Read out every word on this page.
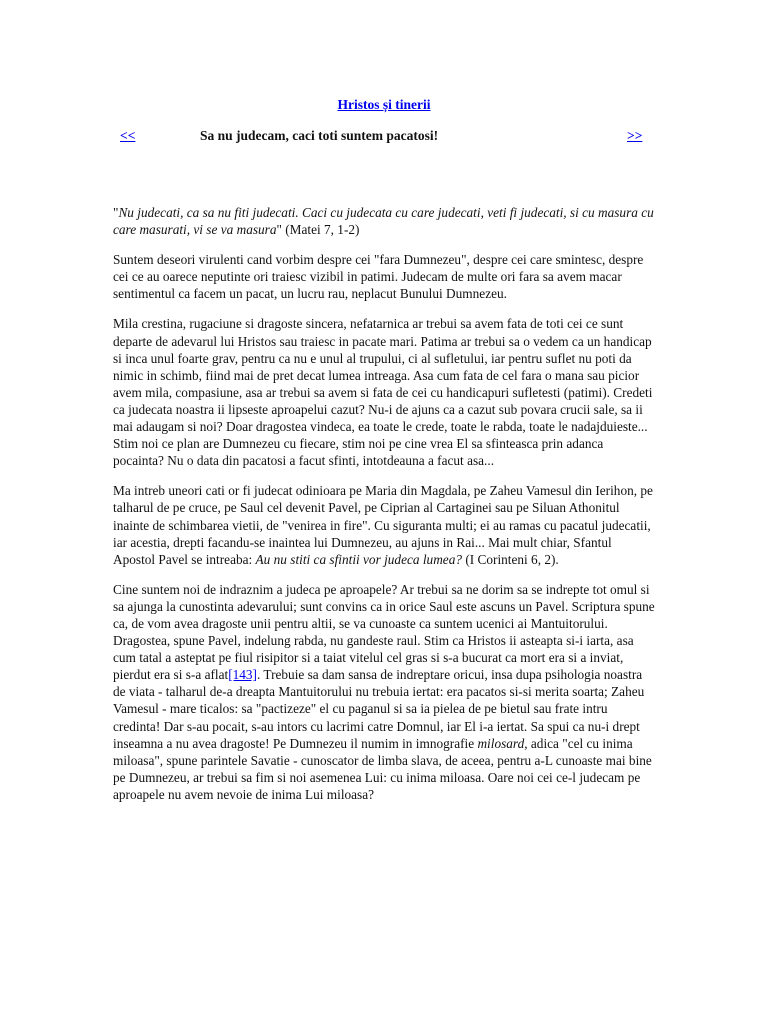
Hristos și tinerii
<<	Sa nu judecam, caci toti suntem pacatosi!	>>

"Nu judecati, ca sa nu fiti judecati. Caci cu judecata cu care judecati, veti fi judecati, si cu masura cu care masurati, vi se va masura" (Matei 7, 1-2)

Suntem deseori virulenti cand vorbim despre cei "fara Dumnezeu", despre cei care smintesc, despre cei ce au oarece neputinte ori traiesc vizibil in patimi. Judecam de multe ori fara sa avem macar sentimentul ca facem un pacat, un lucru rau, neplacut Bunului Dumnezeu.

Mila crestina, rugaciune si dragoste sincera, nefatarnica ar trebui sa avem fata de toti cei ce sunt departe de adevarul lui Hristos sau traiesc in pacate mari. Patima ar trebui sa o vedem ca un handicap si inca unul foarte grav, pentru ca nu e unul al trupului, ci al sufletului, iar pentru suflet nu poti da nimic in schimb, fiind mai de pret decat lumea intreaga. Asa cum fata de cel fara o mana sau picior avem mila, compasiune, asa ar trebui sa avem si fata de cei cu handicapuri sufletesti (patimi). Credeti ca judecata noastra ii lipseste aproapelui cazut? Nu-i de ajuns ca a cazut sub povara crucii sale, sa ii mai adaugam si noi? Doar dragostea vindeca, ea toate le crede, toate le rabda, toate le nadajduieste... Stim noi ce plan are Dumnezeu cu fiecare, stim noi pe cine vrea El sa sfinteasca prin adanca pocainta? Nu o data din pacatosi a facut sfinti, intotdeauna a facut asa...

Ma intreb uneori cati or fi judecat odinioara pe Maria din Magdala, pe Zaheu Vamesul din Ierihon, pe talharul de pe cruce, pe Saul cel devenit Pavel, pe Ciprian al Cartaginei sau pe Siluan Athonitul inainte de schimbarea vietii, de "venirea in fire". Cu siguranta multi; ei au ramas cu pacatul judecatii, iar acestia, drepti facandu-se inaintea lui Dumnezeu, au ajuns in Rai... Mai mult chiar, Sfantul Apostol Pavel se intreaba: Au nu stiti ca sfintii vor judeca lumea? (I Corinteni 6, 2).

Cine suntem noi de indraznim a judeca pe aproapele? Ar trebui sa ne dorim sa se indrepte tot omul si sa ajunga la cunostinta adevarului; sunt convins ca in orice Saul este ascuns un Pavel. Scriptura spune ca, de vom avea dragoste unii pentru altii, se va cunoaste ca suntem ucenici ai Mantuitorului. Dragostea, spune Pavel, indelung rabda, nu gandeste raul. Stim ca Hristos ii asteapta si-i iarta, asa cum tatal a asteptat pe fiul risipitor si a taiat vitelul cel gras si s-a bucurat ca mort era si a inviat, pierdut era si s-a aflat[143]. Trebuie sa dam sansa de indreptare oricui, insa dupa psihologia noastra de viata - talharul de-a dreapta Mantuitorului nu trebuia iertat: era pacatos si-si merita soarta; Zaheu Vamesul - mare ticalos: sa "pactizeze" el cu paganul si sa ia pielea de pe bietul sau frate intru credinta! Dar s-au pocait, s-au intors cu lacrimi catre Domnul, iar El i-a iertat. Sa spui ca nu-i drept inseamna a nu avea dragoste! Pe Dumnezeu il numim in imnografie milosard, adica "cel cu inima miloasa", spune parintele Savatie - cunoscator de limba slava, de aceea, pentru a-L cunoaste mai bine pe Dumnezeu, ar trebui sa fim si noi asemenea Lui: cu inima miloasa. Oare noi cei ce-l judecam pe aproapele nu avem nevoie de inima Lui miloasa?
